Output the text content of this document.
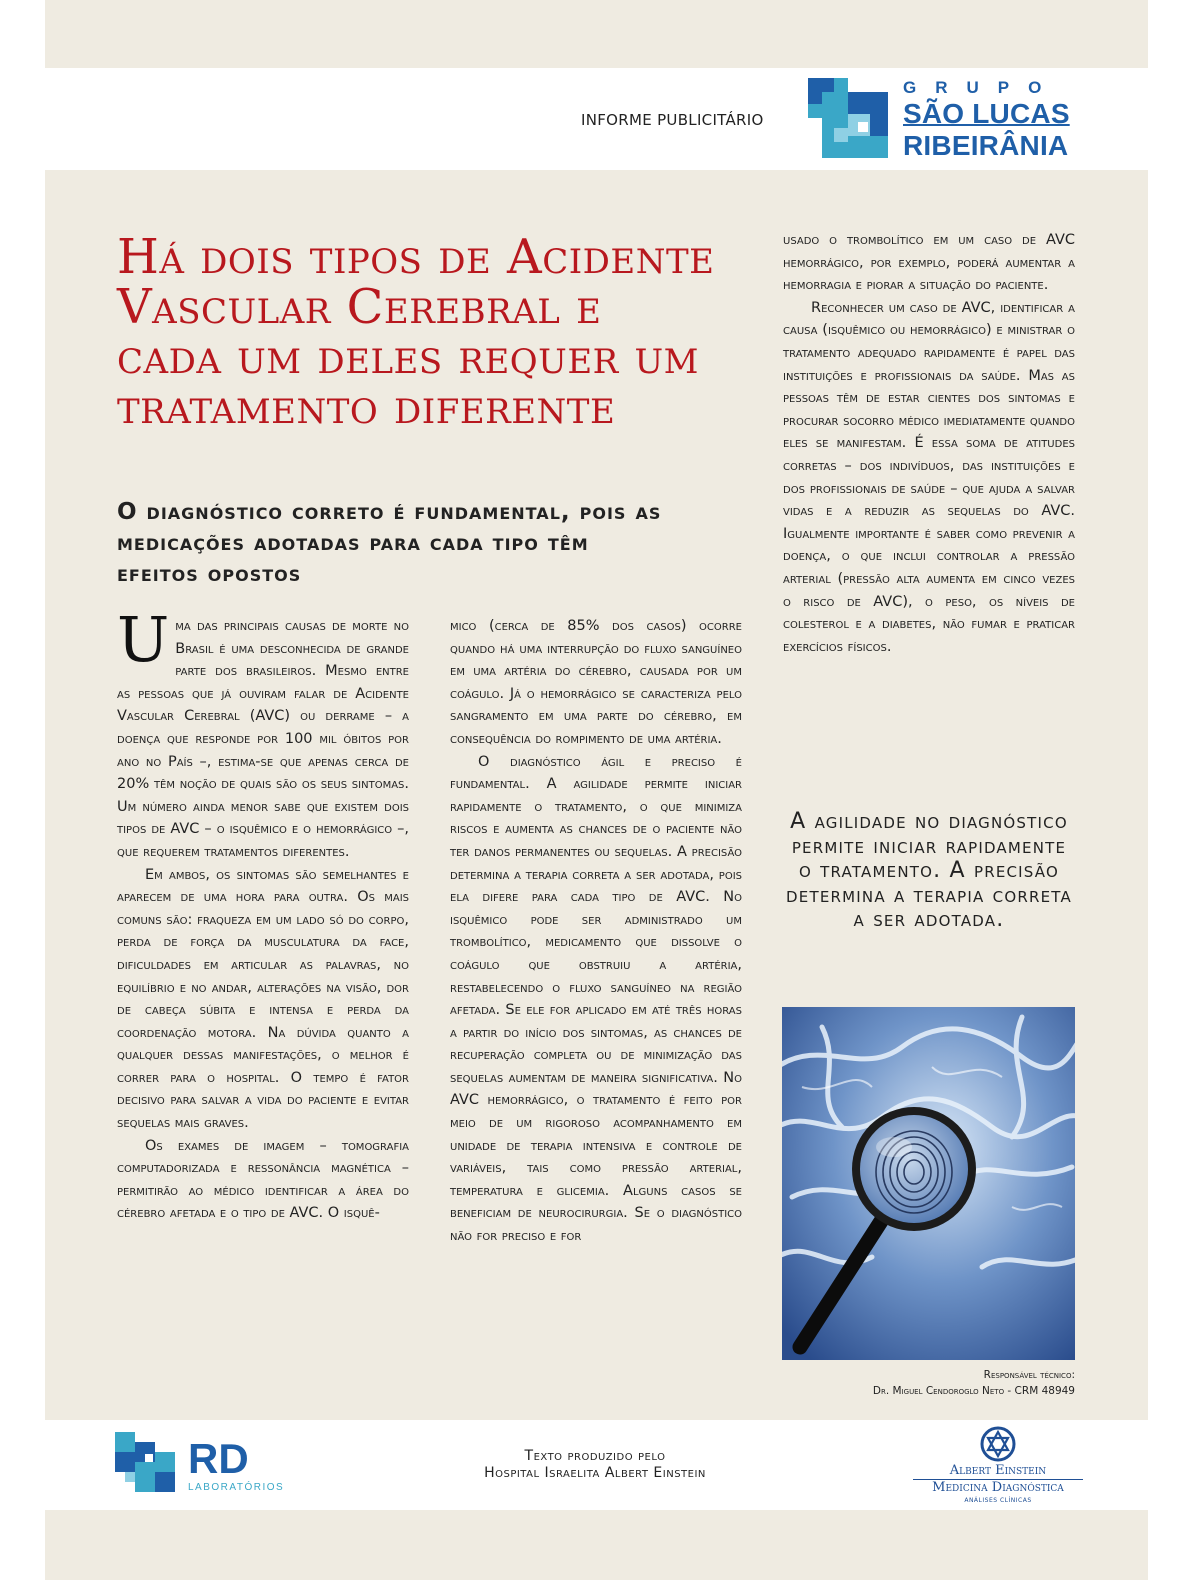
INFORME PUBLICITÁRIO
GRUPO
SÃO LUCAS
RIBEIRÂNIA
Há dois tipos de Acidente Vascular Cerebral e cada um deles requer um tratamento diferente
O diagnóstico correto é fundamental, pois as medicações adotadas para cada tipo têm efeitos opostos

Uma das principais causas de morte no Brasil é uma desconhecida de grande parte dos brasileiros. Mesmo entre as pessoas que já ouviram falar de Acidente Vascular Cerebral (AVC) ou derrame – a doença que responde por 100 mil óbitos por ano no País –, estima-se que apenas cerca de 20% têm noção de quais são os seus sintomas. Um número ainda menor sabe que existem dois tipos de AVC – o isquêmico e o hemorrágico –, que requerem tratamentos diferentes.

Em ambos, os sintomas são semelhantes e aparecem de uma hora para outra. Os mais comuns são: fraqueza em um lado só do corpo, perda de força da musculatura da face, dificuldades em articular as palavras, no equilíbrio e no andar, alterações na visão, dor de cabeça súbita e intensa e perda da coordenação motora. Na dúvida quanto a qualquer dessas manifestações, o melhor é correr para o hospital. O tempo é fator decisivo para salvar a vida do paciente e evitar sequelas mais graves.

Os exames de imagem – tomografia computadorizada e ressonância magnética – permitirão ao médico identificar a área do cérebro afetada e o tipo de AVC. O isquê-

mico (cerca de 85% dos casos) ocorre quando há uma interrupção do fluxo sanguíneo em uma artéria do cérebro, causada por um coágulo. Já o hemorrágico se caracteriza pelo sangramento em uma parte do cérebro, em consequência do rompimento de uma artéria.

O diagnóstico ágil e preciso é fundamental. A agilidade permite iniciar rapidamente o tratamento, o que minimiza riscos e aumenta as chances de o paciente não ter danos permanentes ou sequelas. A precisão determina a terapia correta a ser adotada, pois ela difere para cada tipo de AVC. No isquêmico pode ser administrado um trombolítico, medicamento que dissolve o coágulo que obstruiu a artéria, restabelecendo o fluxo sanguíneo na região afetada. Se ele for aplicado em até três horas a partir do início dos sintomas, as chances de recuperação completa ou de minimização das sequelas aumentam de maneira significativa. No AVC hemorrágico, o tratamento é feito por meio de um rigoroso acompanhamento em unidade de terapia intensiva e controle de variáveis, tais como pressão arterial, temperatura e glicemia. Alguns casos se beneficiam de neurocirurgia. Se o diagnóstico não for preciso e for

usado o trombolítico em um caso de AVC hemorrágico, por exemplo, poderá aumentar a hemorragia e piorar a situação do paciente.

Reconhecer um caso de AVC, identificar a causa (isquêmico ou hemorrágico) e ministrar o tratamento adequado rapidamente é papel das instituições e profissionais da saúde. Mas as pessoas têm de estar cientes dos sintomas e procurar socorro médico imediatamente quando eles se manifestam. É essa soma de atitudes corretas – dos indivíduos, das instituições e dos profissionais de saúde – que ajuda a salvar vidas e a reduzir as sequelas do AVC. Igualmente importante é saber como prevenir a doença, o que inclui controlar a pressão arterial (pressão alta aumenta em cinco vezes o risco de AVC), o peso, os níveis de colesterol e a diabetes, não fumar e praticar exercícios físicos.

A agilidade no diagnóstico permite iniciar rapidamente o tratamento. A precisão determina a terapia correta a ser adotada.
Responsável técnico:
Dr. Miguel Cendoroglo Neto - CRM 48949
RD
LABORATÓRIOS
Texto produzido pelo
Hospital Israelita Albert Einstein	Albert Einstein
Medicina Diagnóstica
ANÁLISES CLÍNICAS
